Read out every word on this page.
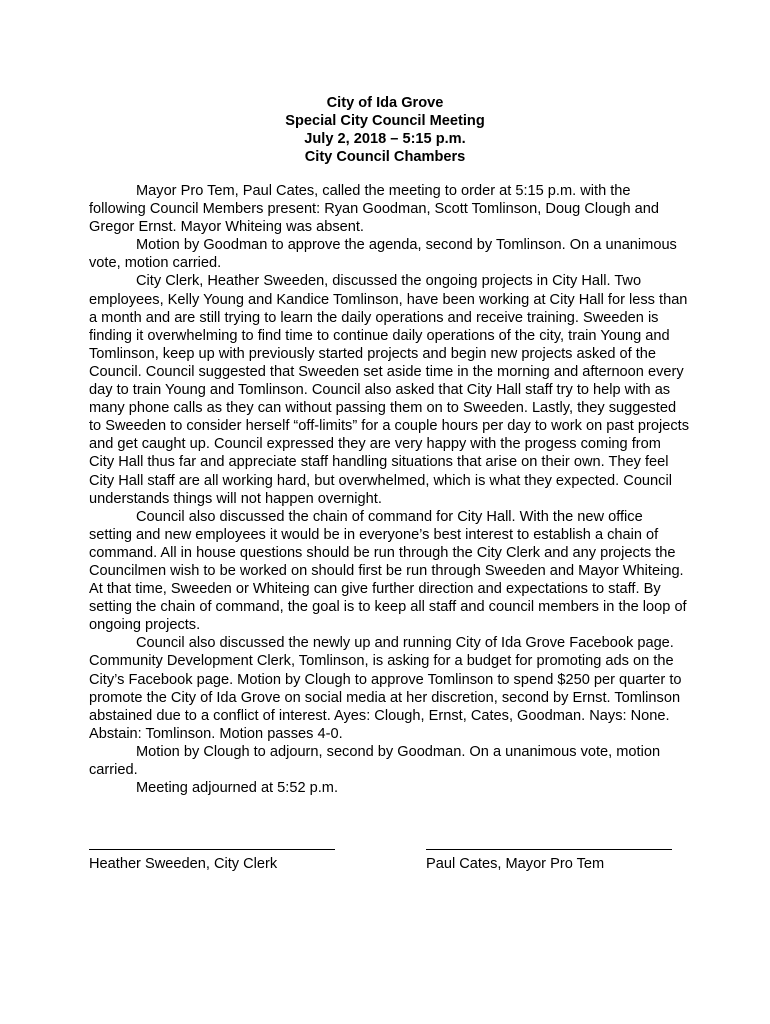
City of Ida Grove
Special City Council Meeting
July 2, 2018 – 5:15 p.m.
City Council Chambers

Mayor Pro Tem, Paul Cates, called the meeting to order at 5:15 p.m. with the following Council Members present: Ryan Goodman, Scott Tomlinson, Doug Clough and Gregor Ernst. Mayor Whiteing was absent.

Motion by Goodman to approve the agenda, second by Tomlinson. On a unanimous vote, motion carried.

City Clerk, Heather Sweeden, discussed the ongoing projects in City Hall. Two employees, Kelly Young and Kandice Tomlinson, have been working at City Hall for less than a month and are still trying to learn the daily operations and receive training. Sweeden is finding it overwhelming to find time to continue daily operations of the city, train Young and Tomlinson, keep up with previously started projects and begin new projects asked of the Council. Council suggested that Sweeden set aside time in the morning and afternoon every day to train Young and Tomlinson. Council also asked that City Hall staff try to help with as many phone calls as they can without passing them on to Sweeden. Lastly, they suggested to Sweeden to consider herself “off-limits” for a couple hours per day to work on past projects and get caught up. Council expressed they are very happy with the progess coming from City Hall thus far and appreciate staff handling situations that arise on their own. They feel City Hall staff are all working hard, but overwhelmed, which is what they expected. Council understands things will not happen overnight.

Council also discussed the chain of command for City Hall. With the new office setting and new employees it would be in everyone’s best interest to establish a chain of command. All in house questions should be run through the City Clerk and any projects the Councilmen wish to be worked on should first be run through Sweeden and Mayor Whiteing. At that time, Sweeden or Whiteing can give further direction and expectations to staff. By setting the chain of command, the goal is to keep all staff and council members in the loop of ongoing projects.

Council also discussed the newly up and running City of Ida Grove Facebook page. Community Development Clerk, Tomlinson, is asking for a budget for promoting ads on the City’s Facebook page. Motion by Clough to approve Tomlinson to spend $250 per quarter to promote the City of Ida Grove on social media at her discretion, second by Ernst. Tomlinson abstained due to a conflict of interest. Ayes: Clough, Ernst, Cates, Goodman. Nays: None. Abstain: Tomlinson. Motion passes 4-0.

Motion by Clough to adjourn, second by Goodman. On a unanimous vote, motion carried.

Meeting adjourned at 5:52 p.m.

Heather Sweeden, City Clerk	Paul Cates, Mayor Pro Tem
